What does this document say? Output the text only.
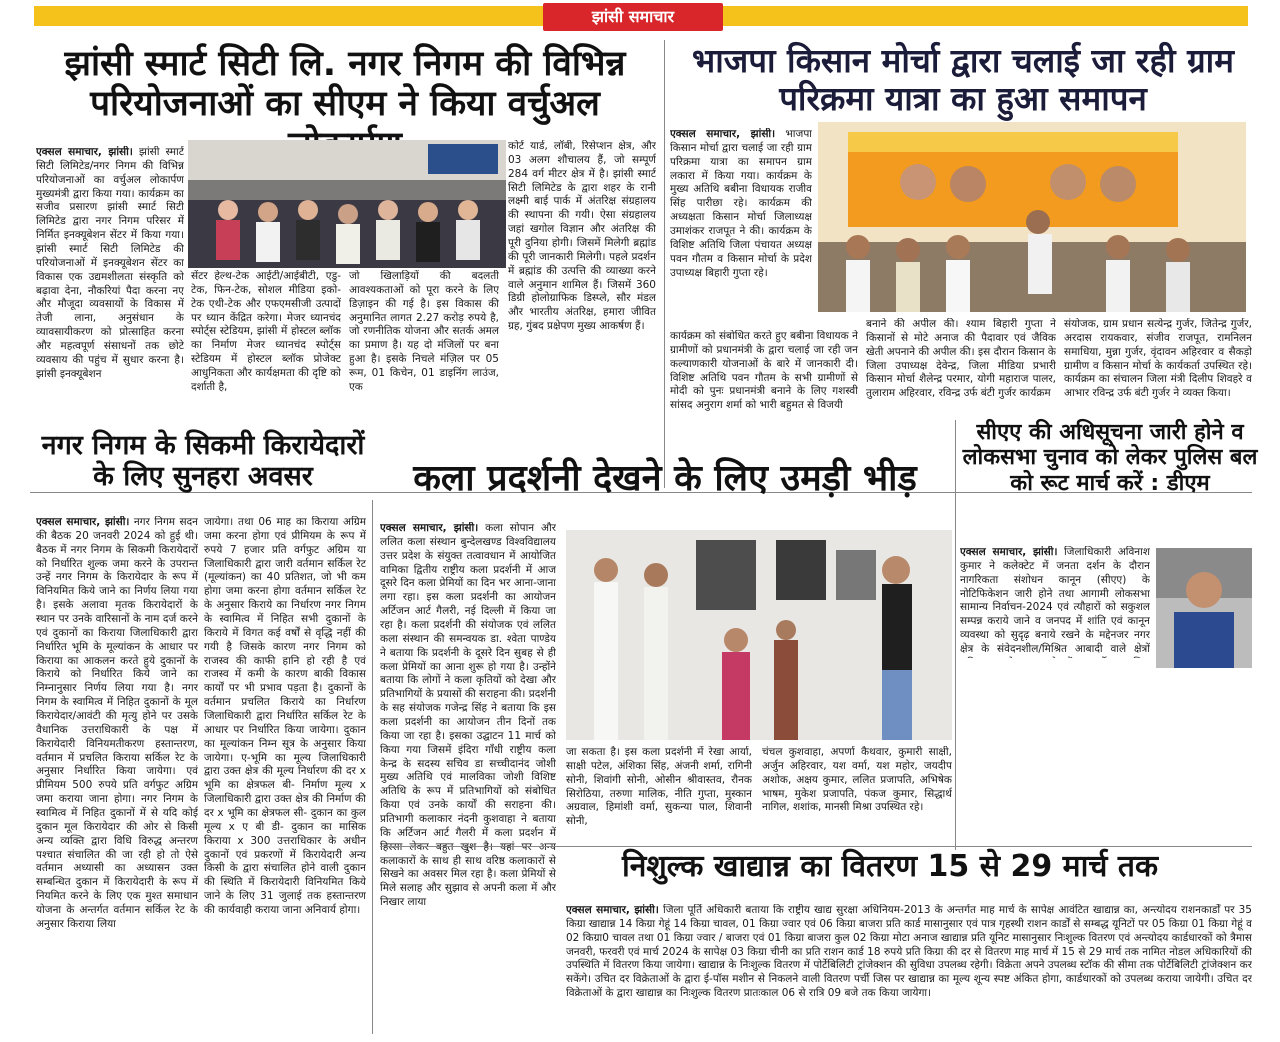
झांसी समाचार
झांसी स्मार्ट सिटी लि. नगर निगम की विभिन्न परियोजनाओं का सीएम ने किया वर्चुअल
एक्सल समाचार, झांसी। झांसी स्मार्ट सिटी लिमिटेड/नगर निगम की विभिन्न परियोजनाओं का वर्चुअल लोकार्पण मुख्यमंत्री द्वारा किया गया। कार्यक्रम का सजीव प्रसारण झांसी स्मार्ट सिटी लिमिटेड द्वारा नगर निगम परिसर में निर्मित इनक्यूबेशन सेंटर में किया गया। झांसी स्मार्ट सिटी लिमिटेड की परियोजनाओं में इनक्यूबेशन सेंटर का विकास एक उद्यमशीलता संस्कृति को बढ़ावा देना, नौकरियां पैदा करना नए और मौजूदा व्यवसायों के विकास में तेजी लाना, अनुसंधान के व्यावसायीकरण को प्रोत्साहित करना और महत्वपूर्ण संसाधनों तक छोटे व्यवसाय की पहुंच में सुधार करना है। झांसी इनक्यूबेशन
सेंटर हेल्थ-टेक आईटी/आईबीटी, एडु-टेक, फिन-टेक, सोशल मीडिया इको-टेक एथी-टेक और एफएमसीजी उत्पादों पर ध्यान केंद्रित करेगा। मेजर ध्यानचंद स्पोर्ट्स स्टेडियम, झांसी में होस्टल ब्लॉक का निर्माण मेजर ध्यानचंद स्पोर्ट्स स्टेडियम में होस्टल ब्लॉक प्रोजेक्ट आधुनिकता और कार्यक्षमता की दृष्टि को दर्शाती है,
जो खिलाड़ियों की बदलती आवश्यकताओं को पूरा करने के लिए डिज़ाइन की गई है। इस विकास की अनुमानित लागत 2.27 करोड़ रुपये है, जो रणनीतिक योजना और सतर्क अमल का प्रमाण है। यह दो मंजिलों पर बना हुआ है। इसके निचले मंज़िल पर 05 रूम, 01 किचेन, 01 डाइनिंग लाउंज, एक
कोर्ट यार्ड, लॉबी, रिसेप्शन क्षेत्र, और 03 अलग शौचालय हैं, जो सम्पूर्ण 284 वर्ग मीटर क्षेत्र में है। झांसी स्मार्ट सिटी लिमिटेड के द्वारा शहर के रानी लक्ष्मी बाई पार्क में अंतरिक्ष संग्रहालय की स्थापना की गयी। ऐसा संग्रहालय जहां खगोल विज्ञान और अंतरिक्ष की पूरी दुनिया होगी। जिसमें मिलेगी ब्रह्मांड की पूरी जानकारी मिलेगी। पहले प्रदर्शन में ब्रह्मांड की उत्पत्ति की व्याख्या करने वाले अनुमान शामिल हैं। जिसमें 360 डिग्री होलोग्राफिक डिस्प्ले, सौर मंडल और भारतीय अंतरिक्ष, हमारा जीवित ग्रह, गुंबद प्रक्षेपण मुख्य आकर्षण हैं।
भाजपा किसान मोर्चा द्वारा चलाई जा रही ग्राम परिक्रमा यात्रा का हुआ समापन
एक्सल समाचार, झांसी। भाजपा किसान मोर्चा द्वारा चलाई जा रही ग्राम परिक्रमा यात्रा का समापन ग्राम लकारा में किया गया। कार्यक्रम के मुख्य अतिथि बबीना विधायक राजीव सिंह पारीछा रहे। कार्यक्रम की अध्यक्षता किसान मोर्चा जिलाध्यक्ष उमाशंकर राजपूत ने की। कार्यक्रम के विशिष्ट अतिथि जिला पंचायत अध्यक्ष पवन गौतम व किसान मोर्चा के प्रदेश उपाध्यक्ष बिहारी गुप्ता रहे।
कार्यक्रम को संबोधित करते हुए बबीना विधायक ने ग्रामीणों को प्रधानमंत्री के द्वारा चलाई जा रही जन कल्याणकारी योजनाओं के बारे में जानकारी दी। विशिष्ट अतिथि पवन गौतम के सभी ग्रामीणों से मोदी को पुनः प्रधानमंत्री बनाने के लिए गशस्वी सांसद अनुराग शर्मा को भारी बहुमत से विजयी
बनाने की अपील की। श्याम बिहारी गुप्ता ने किसानों से मोटे अनाज की पैदावार एवं जैविक खेती अपनाने की अपील की। इस दौरान किसान के जिला उपाध्यक्ष देवेन्द्र, जिला मीडिया प्रभारी किसान मोर्चा शैलेन्द्र परमार, योगी महाराज पालर, तुलाराम अहिरवार, रविन्द्र उर्फ बंटी गुर्जर कार्यक्रम
संयोजक, ग्राम प्रधान सत्येन्द्र गुर्जर, जितेन्द्र गुर्जर, अरदास रायकवार, संजीव राजपूत, रामनिलन समाधिया, मुन्ना गुर्जर, वृंदावन अहिरवार व सैकड़ो ग्रामीण व किसान मोर्चा के कार्यकर्ता उपस्थित रहे। कार्यक्रम का संचालन जिला मंत्री दिलीप शिवहरे व आभार रविन्द्र उर्फ बंटी गुर्जर ने व्यक्त किया।
नगर निगम के सिकमी किरायेदारों के लिए सुनहरा अवसर
एक्सल समाचार, झांसी। नगर निगम सदन की बैठक 20 जनवरी 2024 को हुई थी। बैठक में नगर निगम के सिकमी किरायेदारों को निर्धारित शुल्क जमा करने के उपरान्त उन्हें नगर निगम के किरायेदार के रूप में विनियमित किये जाने का निर्णय लिया गया है। इसके अलावा मृतक किरायेदारों के स्थान पर उनके वारिसानों के नाम दर्ज करने एवं दुकानों का किराया जिलाधिकारी द्वारा निर्धारित भूमि के मूल्यांकन के आधार पर किराया का आकलन करते हुये दुकानों के किराये को निर्धारित किये जाने का निम्नानुसार निर्णय लिया गया है। नगर निगम के स्वामित्व में निहित दुकानों के मूल किरायेदार/आवंटी की मृत्यु होने पर उसके वैधानिक उत्तराधिकारी के पक्ष में किरायेदारी विनियमतीकरण हस्तान्तरण, वर्तमान में प्रचलित किराया सर्किल रेट के अनुसार निर्धारित किया जायेगा। एवं प्रीमियम 500 रुपये प्रति वर्गफुट अग्रिम जमा कराया जाना होगा। नगर निगम के स्वामित्व में निहित दुकानों में से यदि कोई दुकान मूल किरायेदार की ओर से किसी अन्य व्यक्ति द्वारा विधि विरुद्ध अन्तरण पश्चात संचालित की जा रही हो तो ऐसे वर्तमान अध्यासी का अध्यासन उक्त सम्बन्धित दुकान में किरायेदारी के रूप में नियमित करने के लिए एक मुश्त समाधान योजना के अन्तर्गत वर्तमान सर्किल रेट के अनुसार किराया लिया
जायेगा। तथा 06 माह का किराया अग्रिम जमा करना होगा एवं प्रीमियम के रूप में रुपये 7 हजार प्रति वर्गफुट अग्रिम या जिलाधिकारी द्वारा जारी वर्तमान सर्किल रेट (मूल्यांकन) का 40 प्रतिशत, जो भी कम होगा जमा करना होगा वर्तमान सर्किल रेट के अनुसार किराये का निर्धारण नगर निगम के स्वामित्व में निहित सभी दुकानों के किराये में विगत कई वर्षों से वृद्धि नहीं की गयी है जिसके कारण नगर निगम को राजस्व की काफी हानि हो रही है एवं राजस्व में कमी के कारण बाकी विकास कार्यों पर भी प्रभाव पड़ता है। दुकानों के वर्तमान प्रचलित किराये का निर्धारण जिलाधिकारी द्वारा निर्धारित सर्किल रेट के आधार पर निर्धारित किया जायेगा। दुकान का मूल्यांकन निम्न सूत्र के अनुसार किया जायेगा। ए-भूमि का मूल्य जिलाधिकारी द्वारा उक्त क्षेत्र की मूल्य निर्धारण की दर x भूमि का क्षेत्रफल बी- निर्माण मूल्य x जिलाधिकारी द्वारा उक्त क्षेत्र की निर्माण की दर x भूमि का क्षेत्रफल सी- दुकान का कुल मूल्य x ए बी डी- दुकान का मासिक किराया x 300 उत्तराधिकार के अधीन दुकानों एवं प्रकरणों में किरायेदारी अन्य किसी के द्वारा संचालित होने वाली दुकान की स्थिति में किरायेदारी विनियमित किये जाने के लिए 31 जुलाई तक हस्तान्तरण की कार्यवाही कराया जाना अनिवार्य होगा।
कला प्रदर्शनी देखने के लिए उमड़ी भीड़
एक्सल समाचार, झांसी। कला सोपान और ललित कला संस्थान बुन्देलखण्ड विश्वविद्यालय उत्तर प्रदेश के संयुक्त तत्वावधान में आयोजित वामिका द्वितीय राष्ट्रीय कला प्रदर्शनी में आज दूसरे दिन कला प्रेमियों का दिन भर आना-जाना लगा रहा। इस कला प्रदर्शनी का आयोजन अर्टिजन आर्ट गैलरी, नई दिल्ली में किया जा रहा है। कला प्रदर्शनी की संयोजक एवं ललित कला संस्थान की समन्वयक डा. श्वेता पाण्डेय ने बताया कि प्रदर्शनी के दूसरे दिन सुबह से ही कला प्रेमियों का आना शुरू हो गया है। उन्होंने बताया कि लोगों ने कला कृतियों को देखा और प्रतिभागियों के प्रयासों की सराहना की। प्रदर्शनी के सह संयोजक गजेन्द्र सिंह ने बताया कि इस कला प्रदर्शनी का आयोजन तीन दिनों तक किया जा रहा है। इसका उद्घाटन 11 मार्च को किया गया जिसमें इंदिरा गाँधी राष्ट्रीय कला केन्द्र के सदस्य सचिव डा सच्चीदानंद जोशी मुख्य अतिथि एवं मालविका जोशी विशिष्ट अतिथि के रूप में प्रतिभागियों को संबोधित किया एवं उनके कार्यों की सराहना की। प्रतिभागी कलाकार नंदनी कुशवाहा ने बताया कि अर्टिजन आर्ट गैलरी में कला प्रदर्शन में कलाकारों के साथ ही साथ वरिष्ठ कलाकारों से सिखने का अवसर मिल रहा है। कला प्रेमियों से मिले सलाह और सुझाव से अपनी कला में और निखार लाया
जा सकता है। इस कला प्रदर्शनी में रेखा आर्या, साक्षी पटेल, अंशिका सिंह, अंजनी शर्मा, रागिनी सोनी, शिवांगी सोनी, ओसीन श्रीवास्तव, रौनक सिरोठिया, तरुणा मालिक, नीति गुप्ता, मुस्कान अग्रवाल, हिमांशी वर्मा, सुकन्या पाल, शिवानी सोनी,
चंचल कुशवाहा, अपर्णा कैथवार, कुमारी साक्षी, अर्जुन अहिरवार, यश वर्मा, यश महोर, जयदीप अशोक, अक्षय कुमार, ललित प्रजापति, अभिषेक भाषम, मुकेश प्रजापति, पंकज कुमार, सिद्धार्थ नागिल, शशांक, मानसी मिश्रा उपस्थित रहे।
सीएए की अधिसूचना जारी होने व लोकसभा चुनाव को लेकर पुलिस बल को रूट मार्च करें : डीएम
एक्सल समाचार, झांसी। जिलाधिकारी अविनाश कुमार ने कलेक्टेट में जनता दर्शन के दौरान नागरिकता संशोधन कानून (सीएए) के नोटिफिकेशन जारी होने तथा आगामी लोकसभा सामान्य निर्वाचन-2024 एवं त्यौहारों को सकुशल सम्पन्न कराये जाने व जनपद में शांति एवं कानून व्यवस्था को सुदृढ़ बनाये रखने के मद्देनजर नगर क्षेत्र के संवेदनशील/मिश्रित आबादी वाले क्षेत्रों
निशुल्क खाद्यान्न का वितरण 15 से 29 मार्च तक
एक्सल समाचार, झांसी। जिला पूर्ति अधिकारी बताया कि राष्ट्रीय खाद्य सुरक्षा अधिनियम-2013 के अन्तर्गत माह मार्च के सापेक्ष आवंटित खाद्यान्न का, अन्त्योदय राशनकार्डों पर 35 किग्रा खाद्यान्न 14 किग्रा गेहूं 14 किग्रा चावल, 01 किग्रा ज्वार एवं 06 किग्रा बाजरा प्रति कार्ड मासानुसार एवं पात्र गृहस्थी राशन कार्डों से सम्बद्ध यूनिटों पर 05 किग्रा 01 किग्रा गेहूं व 02 किग्रा0 चावल तथा 01 किग्रा ज्वार / बाजरा एवं 01 किग्रा बाजरा कुल 02 किग्रा मोटा अनाज खाद्यान्न प्रति यूनिट मासानुसार निःशुल्क वितरण एवं अन्त्योदय कार्डधारकों को त्रैमास जनवरी, फरवरी एवं मार्च 2024 के सापेक्ष 03 किग्रा चीनी का प्रति राशन कार्ड 18 रुपये प्रति किग्रा की दर से वितरण माह मार्च में 15 से 29 मार्च तक नामित नोडल अधिकारियों की उपस्थिति में वितरण किया जायेगा। खाद्यान्न के निःशुल्क वितरण में पोर्टेबिलिटी ट्रांजेक्शन की सुविधा उपलब्ध रहेगी। विक्रेता अपने उपलब्ध स्टॉक की सीमा तक पोर्टेबिलिटी ट्रांजेक्शन कर सकेंगे। उचित दर विक्रेताओं के द्वारा ई-पॉस मशीन से निकलने वाली वितरण पर्ची जिस पर खाद्यान्न का मूल्य शून्य स्पष्ट अंकित होगा, कार्डधारकों को उपलब्ध कराया जायेगी। उचित दर विक्रेताओं के द्वारा खाद्यान्न का निःशुल्क वितरण प्रातःकाल 06 से रात्रि 09 बजे तक किया जायेगा।
